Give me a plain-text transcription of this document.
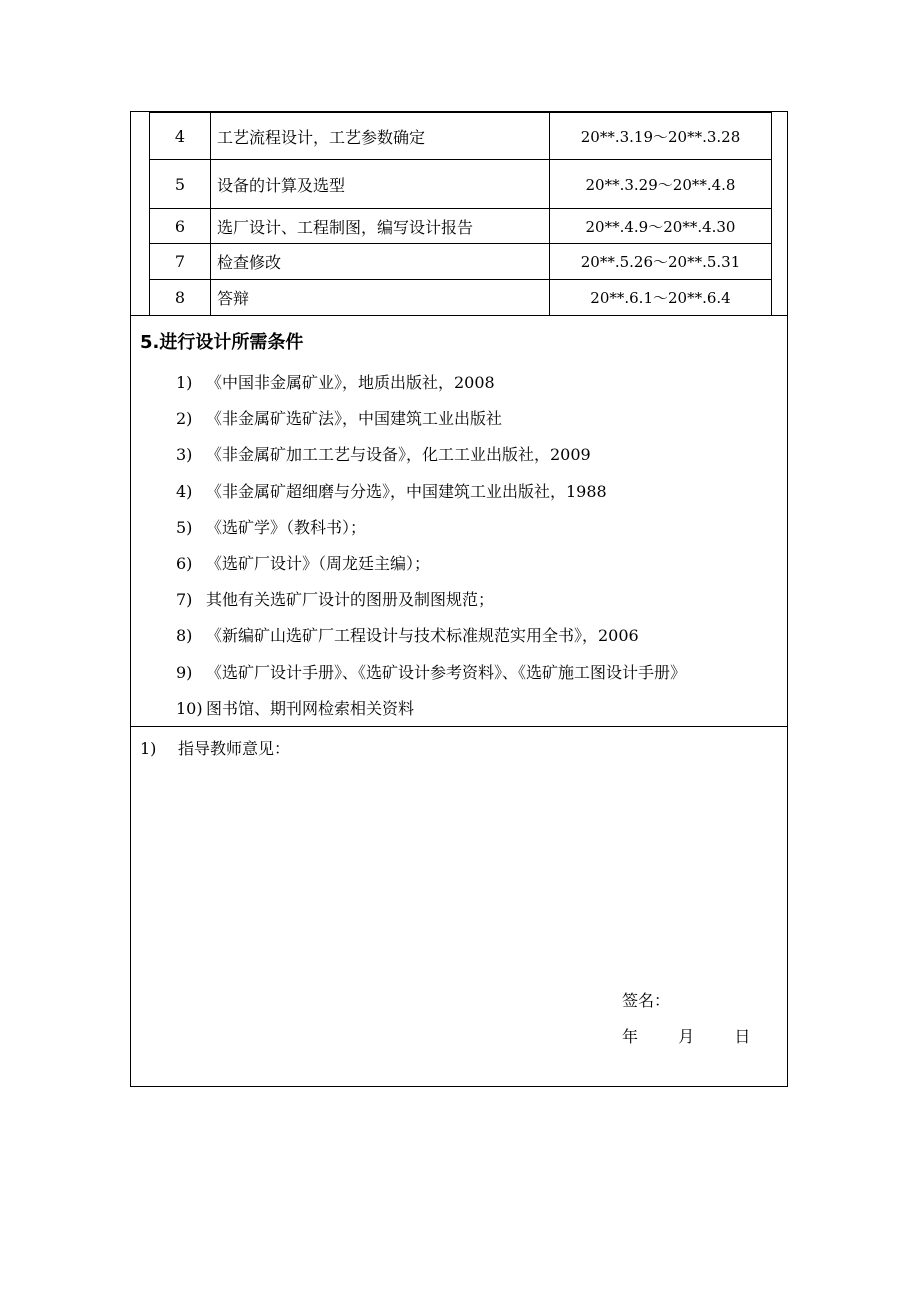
4	工艺流程设计，工艺参数确定	20**.3.19～20**.3.28
5	设备的计算及选型	20**.3.29～20**.4.8
6	选厂设计、工程制图，编写设计报告	20**.4.9～20**.4.30
7	检查修改	20**.5.26～20**.5.31
8	答辩	20**.6.1～20**.6.4
5.进行设计所需条件
1) 《中国非金属矿业》，地质出版社，2008
2) 《非金属矿选矿法》，中国建筑工业出版社
3) 《非金属矿加工工艺与设备》，化工工业出版社，2009
4) 《非金属矿超细磨与分选》，中国建筑工业出版社，1988
5) 《选矿学》（教科书）；
6) 《选矿厂设计》（周龙廷主编）；
7) 其他有关选矿厂设计的图册及制图规范；
8) 《新编矿山选矿厂工程设计与技术标准规范实用全书》，2006
9) 《选矿厂设计手册》、《选矿设计参考资料》、《选矿施工图设计手册》
10) 图书馆、期刊网检索相关资料
1) 指导教师意见：
签名：
年	月	日
